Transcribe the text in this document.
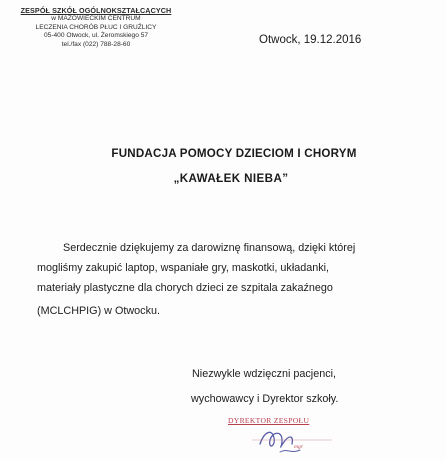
ZESPÓŁ SZKÓŁ OGÓLNOKSZTAŁCĄCYCH
w MAZOWIECKIM CENTRUM
LECZENIA CHORÓB PŁUC I GRUŹLICY
05-400 Otwock, ul. Żeromskiego 57
tel./fax (022) 788-28-60	Otwock, 19.12.2016
FUNDACJA POMOCY DZIECIOM I CHORYM
„KAWAŁEK NIEBA”
Serdecznie dziękujemy za darowiznę finansową, dzięki której
mogliśmy zakupić laptop, wspaniałe gry, maskotki, układanki,
materiały plastyczne dla chorych dzieci ze szpitala zakaźnego
(MCLCHPIG) w Otwocku.
Niezwykle wdzięczni pacjenci,
wychowawcy i Dyrektor szkoły.
DYREKTOR ZESPOŁU
mgr
